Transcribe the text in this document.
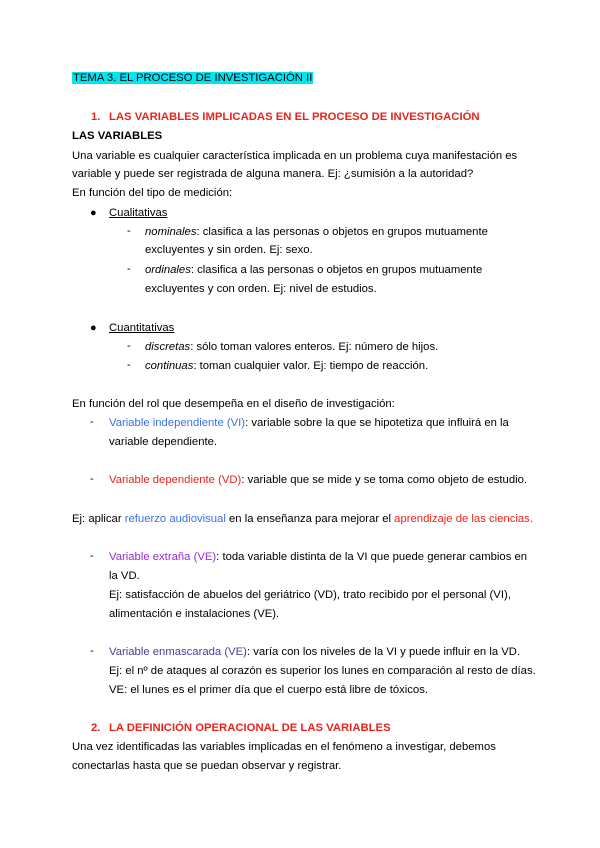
TEMA 3. EL PROCESO DE INVESTIGACIÓN II
1. LAS VARIABLES IMPLICADAS EN EL PROCESO DE INVESTIGACIÓN
LAS VARIABLES
Una variable es cualquier característica implicada en un problema cuya manifestación es
variable y puede ser registrada de alguna manera. Ej: ¿sumisión a la autoridad?
En función del tipo de medición:
● Cualitativas
- nominales: clasifica a las personas o objetos en grupos mutuamente
excluyentes y sin orden. Ej: sexo.
- ordinales: clasifica a las personas o objetos en grupos mutuamente
excluyentes y con orden. Ej: nivel de estudios.
● Cuantitativas
- discretas: sólo toman valores enteros. Ej: número de hijos.
- continuas: toman cualquier valor. Ej: tiempo de reacción.
En función del rol que desempeña en el diseño de investigación:
- Variable independiente (VI): variable sobre la que se hipotetiza que influirá en la
variable dependiente.
- Variable dependiente (VD): variable que se mide y se toma como objeto de estudio.
Ej: aplicar refuerzo audiovisual en la enseñanza para mejorar el aprendizaje de las ciencias.
- Variable extraña (VE): toda variable distinta de la VI que puede generar cambios en
la VD.
Ej: satisfacción de abuelos del geriátrico (VD), trato recibido por el personal (VI),
alimentación e instalaciones (VE).
- Variable enmascarada (VE): varía con los niveles de la VI y puede influir en la VD.
Ej: el nº de ataques al corazón es superior los lunes en comparación al resto de días.
VE: el lunes es el primer día que el cuerpo está libre de tóxicos.
2. LA DEFINICIÓN OPERACIONAL DE LAS VARIABLES
Una vez identificadas las variables implicadas en el fenómeno a investigar, debemos
conectarlas hasta que se puedan observar y registrar.
